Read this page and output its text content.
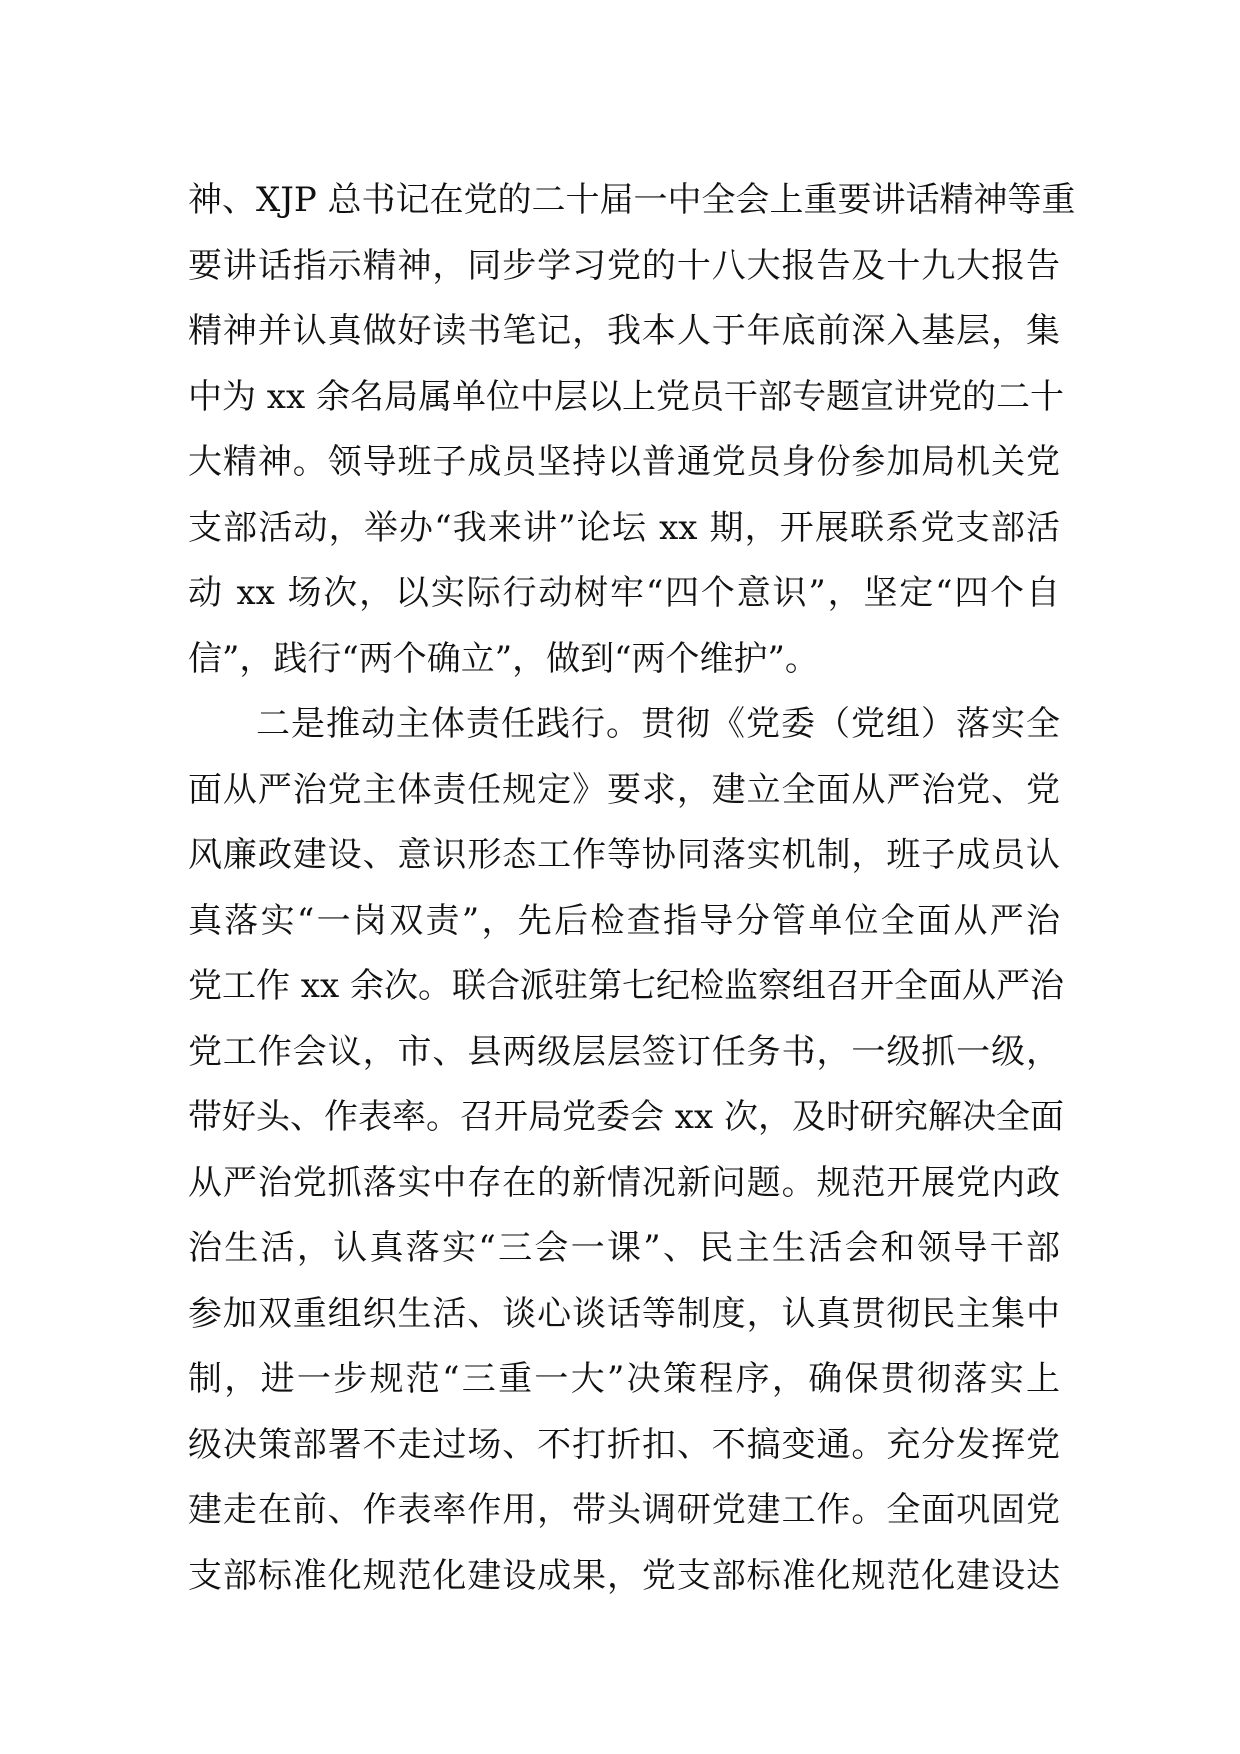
神、XJP 总书记在党的二十届一中全会上重要讲话精神等重
要讲话指示精神，同步学习党的十八大报告及十九大报告
精神并认真做好读书笔记，我本人于年底前深入基层，集
中为 xx 余名局属单位中层以上党员干部专题宣讲党的二十
大精神。领导班子成员坚持以普通党员身份参加局机关党
支部活动，举办“我来讲”论坛 xx 期，开展联系党支部活
动 xx 场次，以实际行动树牢“四个意识”，坚定“四个自
信”，践行“两个确立”，做到“两个维护”。
二是推动主体责任践行。贯彻《党委（党组）落实全
面从严治党主体责任规定》要求，建立全面从严治党、党
风廉政建设、意识形态工作等协同落实机制，班子成员认
真落实“一岗双责”，先后检查指导分管单位全面从严治
党工作 xx 余次。联合派驻第七纪检监察组召开全面从严治
党工作会议，市、县两级层层签订任务书，一级抓一级，
带好头、作表率。召开局党委会 xx 次，及时研究解决全面
从严治党抓落实中存在的新情况新问题。规范开展党内政
治生活，认真落实“三会一课”、民主生活会和领导干部
参加双重组织生活、谈心谈话等制度，认真贯彻民主集中
制，进一步规范“三重一大”决策程序，确保贯彻落实上
级决策部署不走过场、不打折扣、不搞变通。充分发挥党
建走在前、作表率作用，带头调研党建工作。全面巩固党
支部标准化规范化建设成果，党支部标准化规范化建设达
